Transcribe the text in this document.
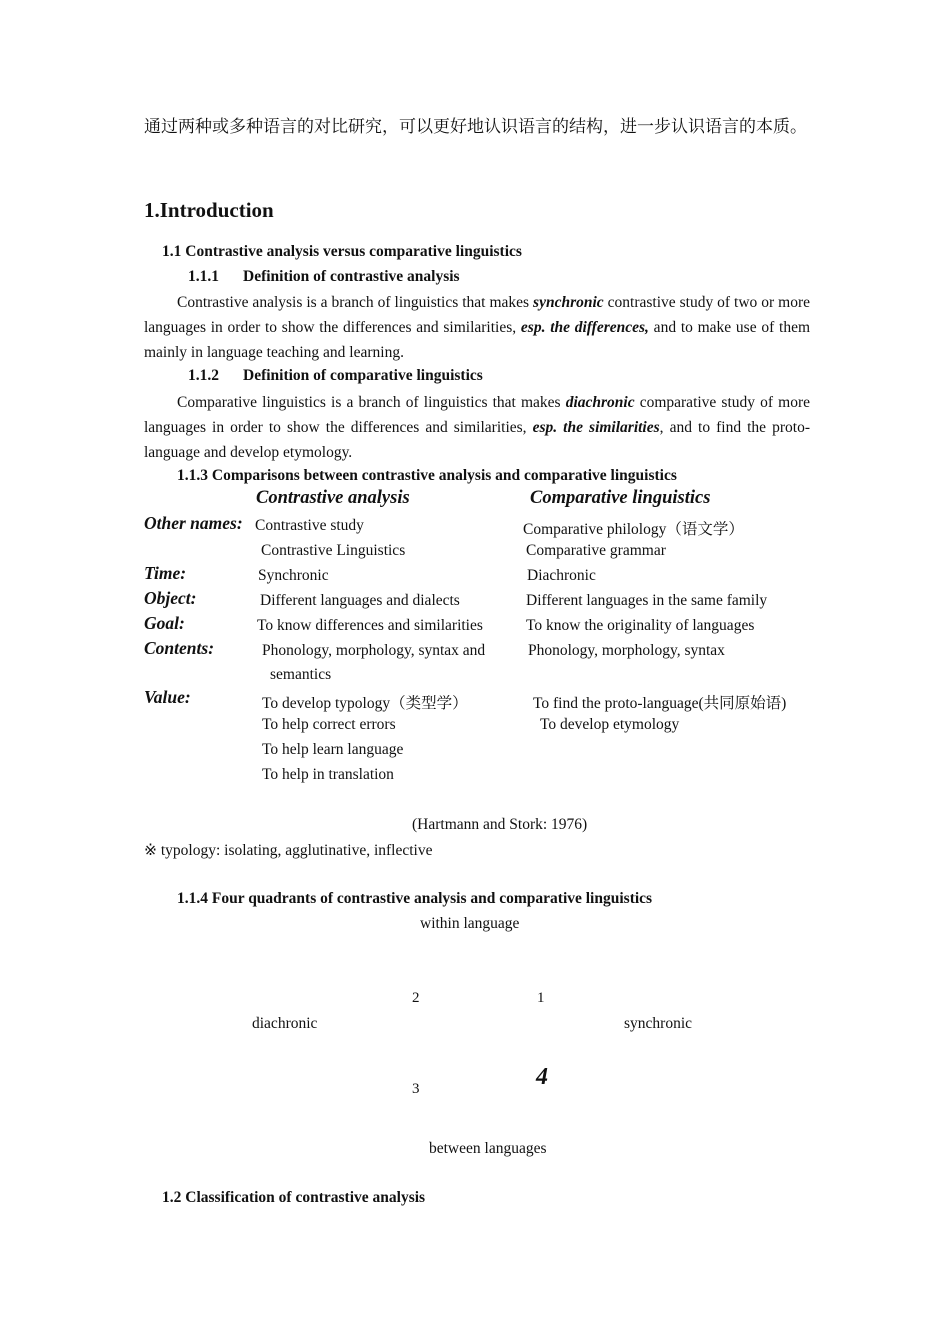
通过两种或多种语言的对比研究，可以更好地认识语言的结构，进一步认识语言的本质。
1.Introduction
1.1 Contrastive analysis versus comparative linguistics
1.1.1 Definition of contrastive analysis
Contrastive analysis is a branch of linguistics that makes synchronic contrastive study of two or more languages in order to show the differences and similarities, esp. the differences, and to make use of them mainly in language teaching and learning.
1.1.2 Definition of comparative linguistics
Comparative linguistics is a branch of linguistics that makes diachronic comparative study of more languages in order to show the differences and similarities, esp. the similarities, and to find the proto-language and develop etymology.
1.1.3 Comparisons between contrastive analysis and comparative linguistics
Contrastive analysis	Comparative linguistics
Other names: Contrastive study	Comparative philology（语文学）
Contrastive Linguistics	Comparative grammar
Time:	Synchronic	Diachronic
Object:	Different languages and dialects	Different languages in the same family
Goal:	To know differences and similarities	To know the originality of languages
Contents:	Phonology, morphology, syntax and	Phonology, morphology, syntax
semantics
Value:	To develop typology（类型学）	To find the proto-language(共同原始语)
To help correct errors	To develop etymology
To help learn language
To help in translation
(Hartmann and Stork: 1976)
※ typology: isolating, agglutinative, inflective
1.1.4 Four quadrants of contrastive analysis and comparative linguistics
within language
2	1
diachronic	synchronic
4
3
between languages
1.2 Classification of contrastive analysis
